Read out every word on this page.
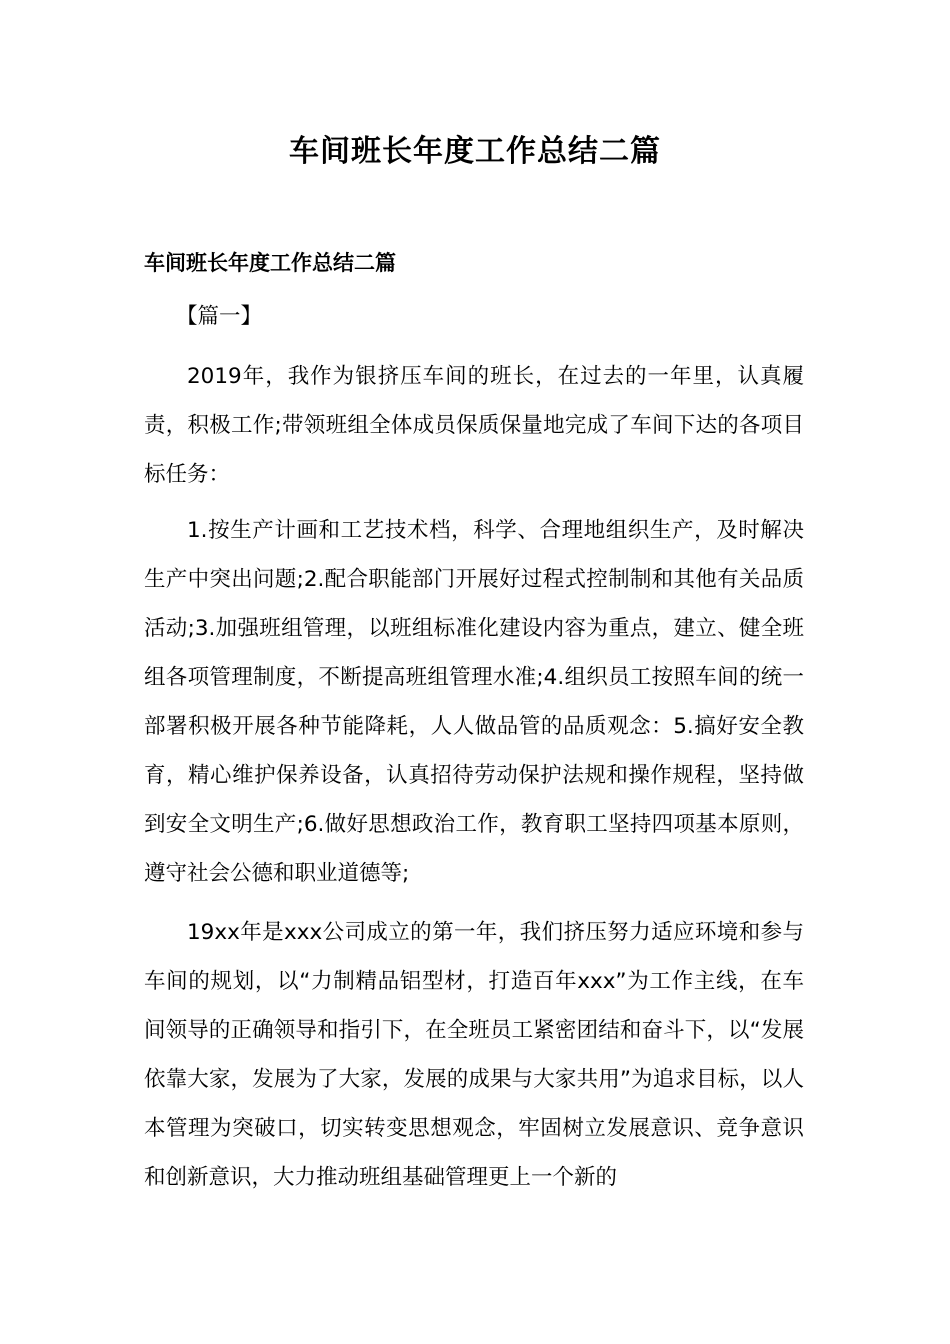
车间班长年度工作总结二篇
车间班长年度工作总结二篇

【篇一】

2019年，我作为银挤压车间的班长，在过去的一年里，认真履责，积极工作;带领班组全体成员保质保量地完成了车间下达的各项目标任务：

1.按生产计画和工艺技术档，科学、合理地组织生产，及时解决生产中突出问题;2.配合职能部门开展好过程式控制制和其他有关品质活动;3.加强班组管理，以班组标准化建设内容为重点，建立、健全班组各项管理制度，不断提高班组管理水准;4.组织员工按照车间的统一部署积极开展各种节能降耗，人人做品管的品质观念：5.搞好安全教育，精心维护保养设备，认真招待劳动保护法规和操作规程，坚持做到安全文明生产;6.做好思想政治工作，教育职工坚持四项基本原则，遵守社会公德和职业道德等;

19xx年是xxx公司成立的第一年，我们挤压努力适应环境和参与车间的规划，以“力制精品铝型材，打造百年xxx”为工作主线，在车间领导的正确领导和指引下，在全班员工紧密团结和奋斗下，以“发展依靠大家，发展为了大家，发展的成果与大家共用”为追求目标，以人本管理为突破口，切实转变思想观念，牢固树立发展意识、竞争意识和创新意识，大力推动班组基础管理更上一个新的
